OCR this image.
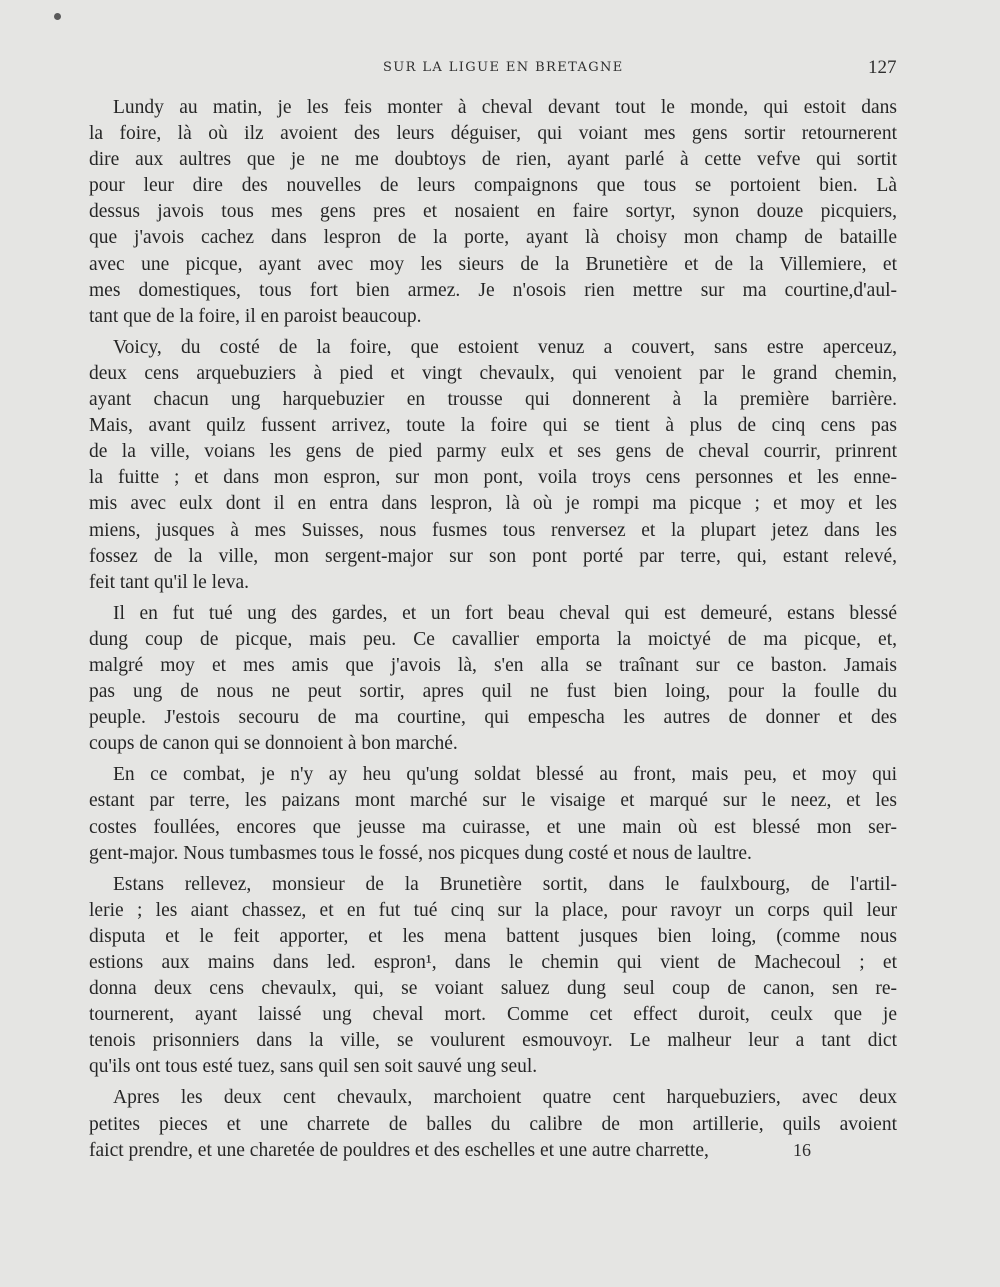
SUR LA LIGUE EN BRETAGNE	127
Lundy au matin, je les feis monter à cheval devant tout le monde, qui estoit dans
la foire, là où ilz avoient des leurs déguiser, qui voiant mes gens sortir retournerent
dire aux aultres que je ne me doubtoys de rien, ayant parlé à cette vefve qui sortit
pour leur dire des nouvelles de leurs compaignons que tous se portoient bien. Là
dessus javois tous mes gens pres et nosaient en faire sortyr, synon douze picquiers,
que j'avois cachez dans lespron de la porte, ayant là choisy mon champ de bataille
avec une picque, ayant avec moy les sieurs de la Brunetière et de la Villemiere, et
mes domestiques, tous fort bien armez. Je n'osois rien mettre sur ma courtine,d'aul-
tant que de la foire, il en paroist beaucoup.
Voicy, du costé de la foire, que estoient venuz a couvert, sans estre aperceuz,
deux cens arquebuziers à pied et vingt chevaulx, qui venoient par le grand chemin,
ayant chacun ung harquebuzier en trousse qui donnerent à la première barrière.
Mais, avant quilz fussent arrivez, toute la foire qui se tient à plus de cinq cens pas
de la ville, voians les gens de pied parmy eulx et ses gens de cheval courrir, prinrent
la fuitte ; et dans mon espron, sur mon pont, voila troys cens personnes et les enne-
mis avec eulx dont il en entra dans lespron, là où je rompi ma picque ; et moy et les
miens, jusques à mes Suisses, nous fusmes tous renversez et la plupart jetez dans les
fossez de la ville, mon sergent-major sur son pont porté par terre, qui, estant relevé,
feit tant qu'il le leva.
Il en fut tué ung des gardes, et un fort beau cheval qui est demeuré, estans blessé
dung coup de picque, mais peu. Ce cavallier emporta la moictyé de ma picque, et,
malgré moy et mes amis que j'avois là, s'en alla se traînant sur ce baston. Jamais
pas ung de nous ne peut sortir, apres quil ne fust bien loing, pour la foulle du
peuple. J'estois secouru de ma courtine, qui empescha les autres de donner et des
coups de canon qui se donnoient à bon marché.
En ce combat, je n'y ay heu qu'ung soldat blessé au front, mais peu, et moy qui
estant par terre, les paizans mont marché sur le visaige et marqué sur le neez, et les
costes foullées, encores que jeusse ma cuirasse, et une main où est blessé mon ser-
gent-major. Nous tumbasmes tous le fossé, nos picques dung costé et nous de laultre.
Estans rellevez, monsieur de la Brunetière sortit, dans le faulxbourg, de l'artil-
lerie ; les aiant chassez, et en fut tué cinq sur la place, pour ravoyr un corps quil leur
disputa et le feit apporter, et les mena battent jusques bien loing, (comme nous
estions aux mains dans led. espron¹, dans le chemin qui vient de Machecoul ; et
donna deux cens chevaulx, qui, se voiant saluez dung seul coup de canon, sen re-
tournerent, ayant laissé ung cheval mort. Comme cet effect duroit, ceulx que je
tenois prisonniers dans la ville, se voulurent esmouvoyr. Le malheur leur a tant dict
qu'ils ont tous esté tuez, sans quil sen soit sauvé ung seul.
Apres les deux cent chevaulx, marchoient quatre cent harquebuziers, avec deux
petites pieces et une charrete de balles du calibre de mon artillerie, quils avoient
faict prendre, et une charetée de pouldres et des eschelles et une autre charrette,	16
